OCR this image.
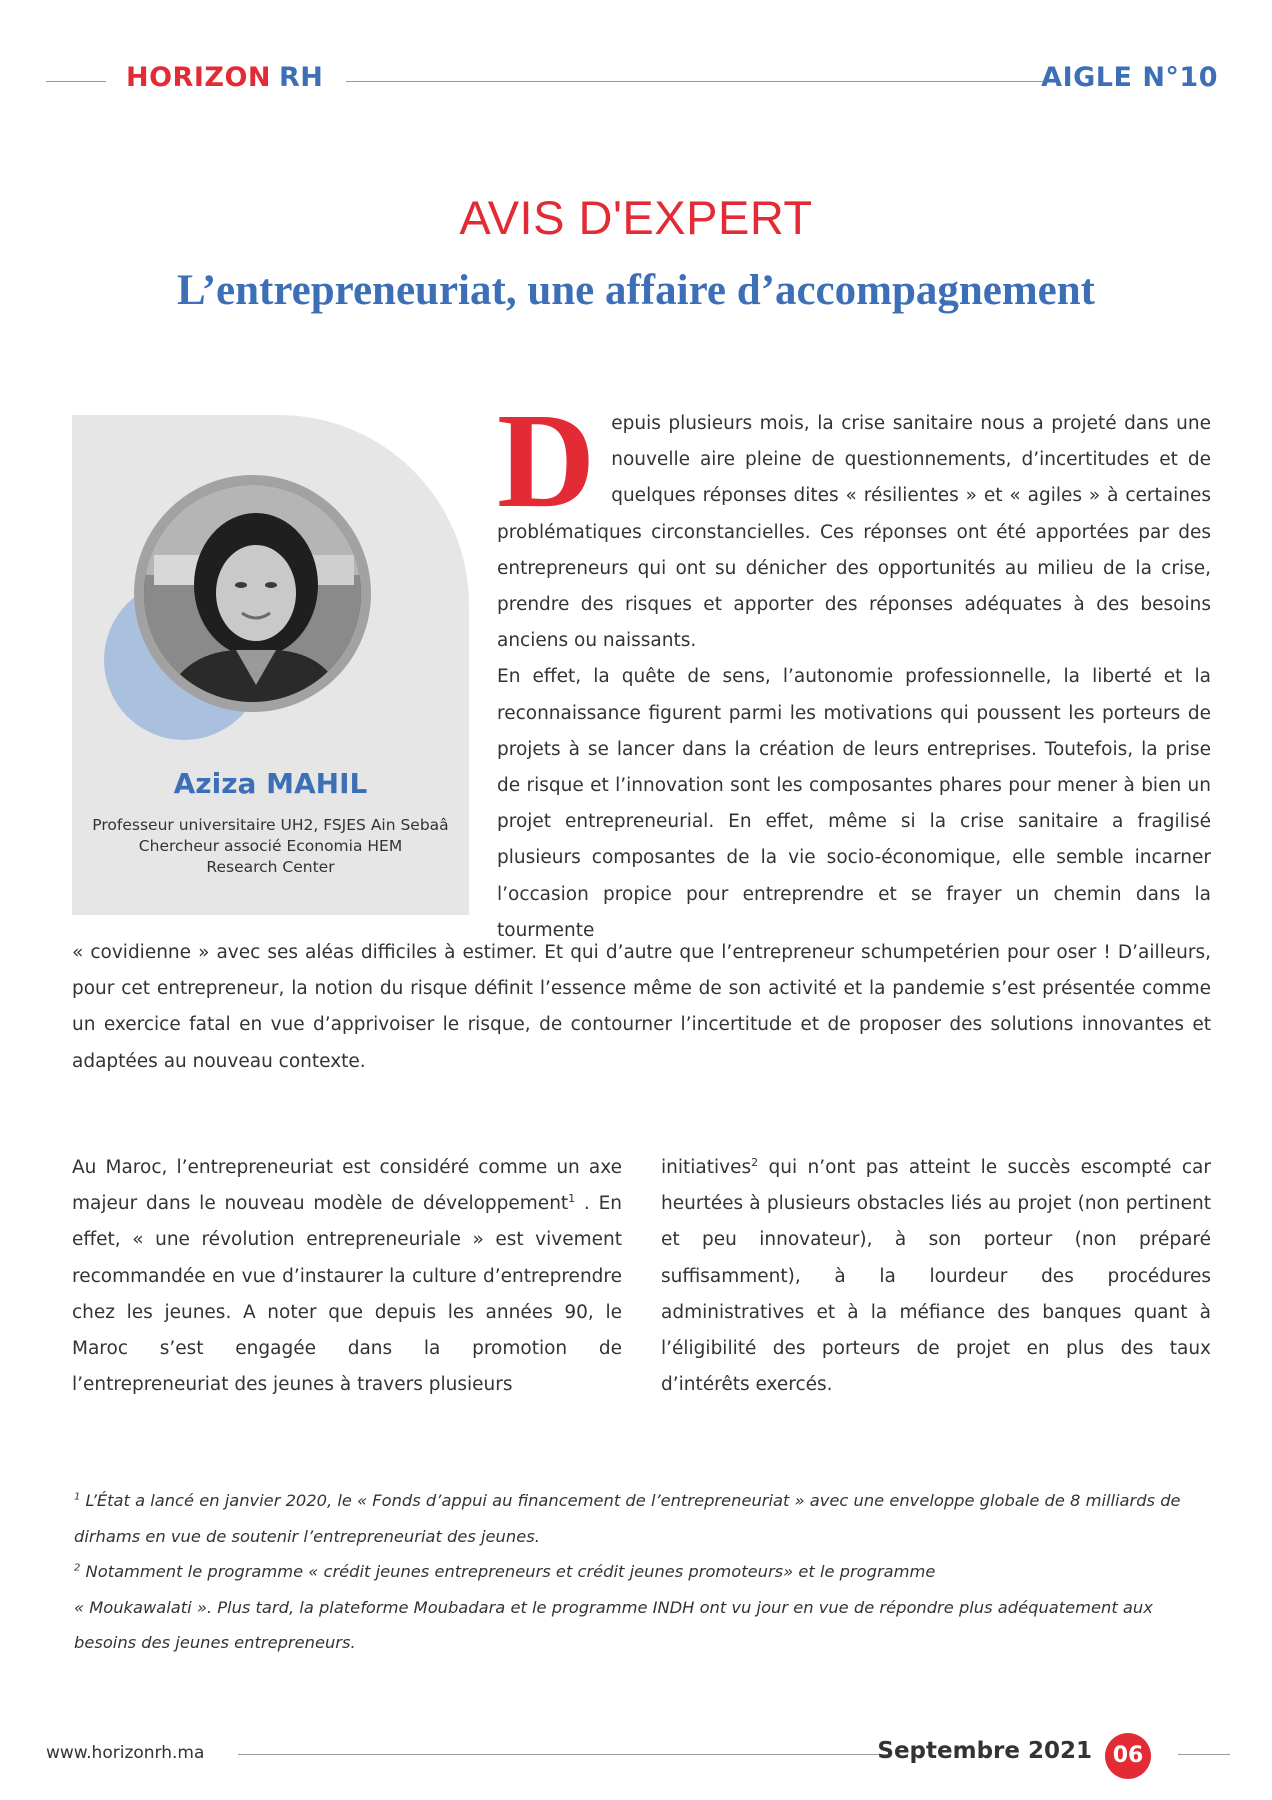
HORIZON RH	AIGLE N°10
AVIS D'EXPERT
L’entrepreneuriat, une affaire d’accompagnement
Aziza MAHIL
Professeur universitaire UH2, FSJES Ain Sebaâ
Chercheur associé Economia HEM
Research Center
D epuis plusieurs mois, la crise sanitaire nous a projeté dans une nouvelle aire pleine de questionnements, d’incertitudes et de quelques réponses dites « résilientes » et « agiles » à certaines problématiques circonstancielles. Ces réponses ont été apportées par des entrepreneurs qui ont su dénicher des opportunités au milieu de la crise, prendre des risques et apporter des réponses adéquates à des besoins anciens ou naissants.

En effet, la quête de sens, l’autonomie professionnelle, la liberté et la reconnaissance figurent parmi les motivations qui poussent les porteurs de projets à se lancer dans la création de leurs entreprises. Toutefois, la prise de risque et l’innovation sont les composantes phares pour mener à bien un projet entrepreneurial. En effet, même si la crise sanitaire a fragilisé plusieurs composantes de la vie socio-économique, elle semble incarner l’occasion propice pour entreprendre et se frayer un chemin dans la tourmente

« covidienne » avec ses aléas difficiles à estimer. Et qui d’autre que l’entrepreneur schumpetérien pour oser ! D’ailleurs, pour cet entrepreneur, la notion du risque définit l’essence même de son activité et la pandemie s’est présentée comme un exercice fatal en vue d’apprivoiser le risque, de contourner l’incertitude et de proposer des solutions innovantes et adaptées au nouveau contexte.

Au Maroc, l’entrepreneuriat est considéré comme un axe majeur dans le nouveau modèle de développement$^1$ . En effet, « une révolution entrepreneuriale » est vivement recommandée en vue d’instaurer la culture d’entreprendre chez les jeunes. A noter que depuis les années 90, le Maroc s’est engagée dans la promotion de l’entrepreneuriat des jeunes à travers plusieurs

initiatives$^2$ qui n’ont pas atteint le succès escompté car heurtées à plusieurs obstacles liés au projet (non pertinent et peu innovateur), à son porteur (non préparé suffisamment), à la lourdeur des procédures administratives et à la méfiance des banques quant à l’éligibilité des porteurs de projet en plus des taux d’intérêts exercés.

$^1$ L’État a lancé en janvier 2020, le « Fonds d’appui au financement de l’entrepreneuriat » avec une enveloppe globale de 8 milliards de dirhams en vue de soutenir l’entrepreneuriat des jeunes.

$^2$ Notamment le programme « crédit jeunes entrepreneurs et crédit jeunes promoteurs» et le programme

« Moukawalati ». Plus tard, la plateforme Moubadara et le programme INDH ont vu jour en vue de répondre plus adéquatement aux besoins des jeunes entrepreneurs.

www.horizonrh.ma	Septembre 2021 06
